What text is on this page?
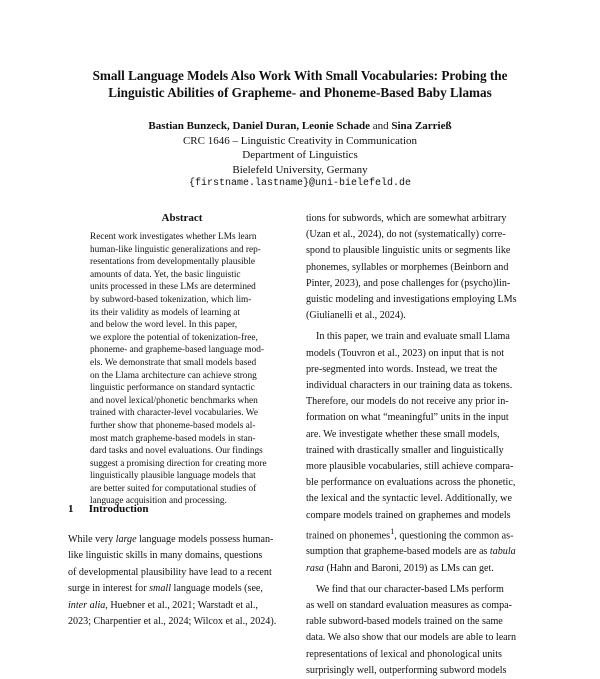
Small Language Models Also Work With Small Vocabularies: Probing the
Linguistic Abilities of Grapheme- and Phoneme-Based Baby Llamas
Bastian Bunzeck, Daniel Duran, Leonie Schade and Sina Zarrieß
CRC 1646 – Linguistic Creativity in Communication
Department of Linguistics
Bielefeld University, Germany
{firstname.lastname}@uni-bielefeld.de
Abstract
Recent work investigates whether LMs learn
human-like linguistic generalizations and rep-
resentations from developmentally plausible
amounts of data. Yet, the basic linguistic
units processed in these LMs are determined
by subword-based tokenization, which lim-
its their validity as models of learning at
and below the word level. In this paper,
we explore the potential of tokenization-free,
phoneme- and grapheme-based language mod-
els. We demonstrate that small models based
on the Llama architecture can achieve strong
linguistic performance on standard syntactic
and novel lexical/phonetic benchmarks when
trained with character-level vocabularies. We
further show that phoneme-based models al-
most match grapheme-based models in stan-
dard tasks and novel evaluations. Our findings
suggest a promising direction for creating more
linguistically plausible language models that
are better suited for computational studies of
language acquisition and processing.
1 Introduction
While very large language models possess human-
like linguistic skills in many domains, questions
of developmental plausibility have lead to a recent
surge in interest for small language models (see,
inter alia, Huebner et al., 2021; Warstadt et al.,
2023; Charpentier et al., 2024; Wilcox et al., 2024).
tions for subwords, which are somewhat arbitrary
(Uzan et al., 2024), do not (systematically) corre-
spond to plausible linguistic units or segments like
phonemes, syllables or morphemes (Beinborn and
Pinter, 2023), and pose challenges for (psycho)lin-
guistic modeling and investigations employing LMs
(Giulianelli et al., 2024).
In this paper, we train and evaluate small Llama
models (Touvron et al., 2023) on input that is not
pre-segmented into words. Instead, we treat the
individual characters in our training data as tokens.
Therefore, our models do not receive any prior in-
formation on what “meaningful” units in the input
are. We investigate whether these small models,
trained with drastically smaller and linguistically
more plausible vocabularies, still achieve compara-
ble performance on evaluations across the phonetic,
the lexical and the syntactic level. Additionally, we
compare models trained on graphemes and models
trained on phonemes$^1$, questioning the common as-
sumption that grapheme-based models are as tabula
rasa (Hahn and Baroni, 2019) as LMs can get.
We find that our character-based LMs perform
as well on standard evaluation measures as compa-
rable subword-based models trained on the same
data. We also show that our models are able to learn
representations of lexical and phonological units
surprisingly well, outperforming subword models
